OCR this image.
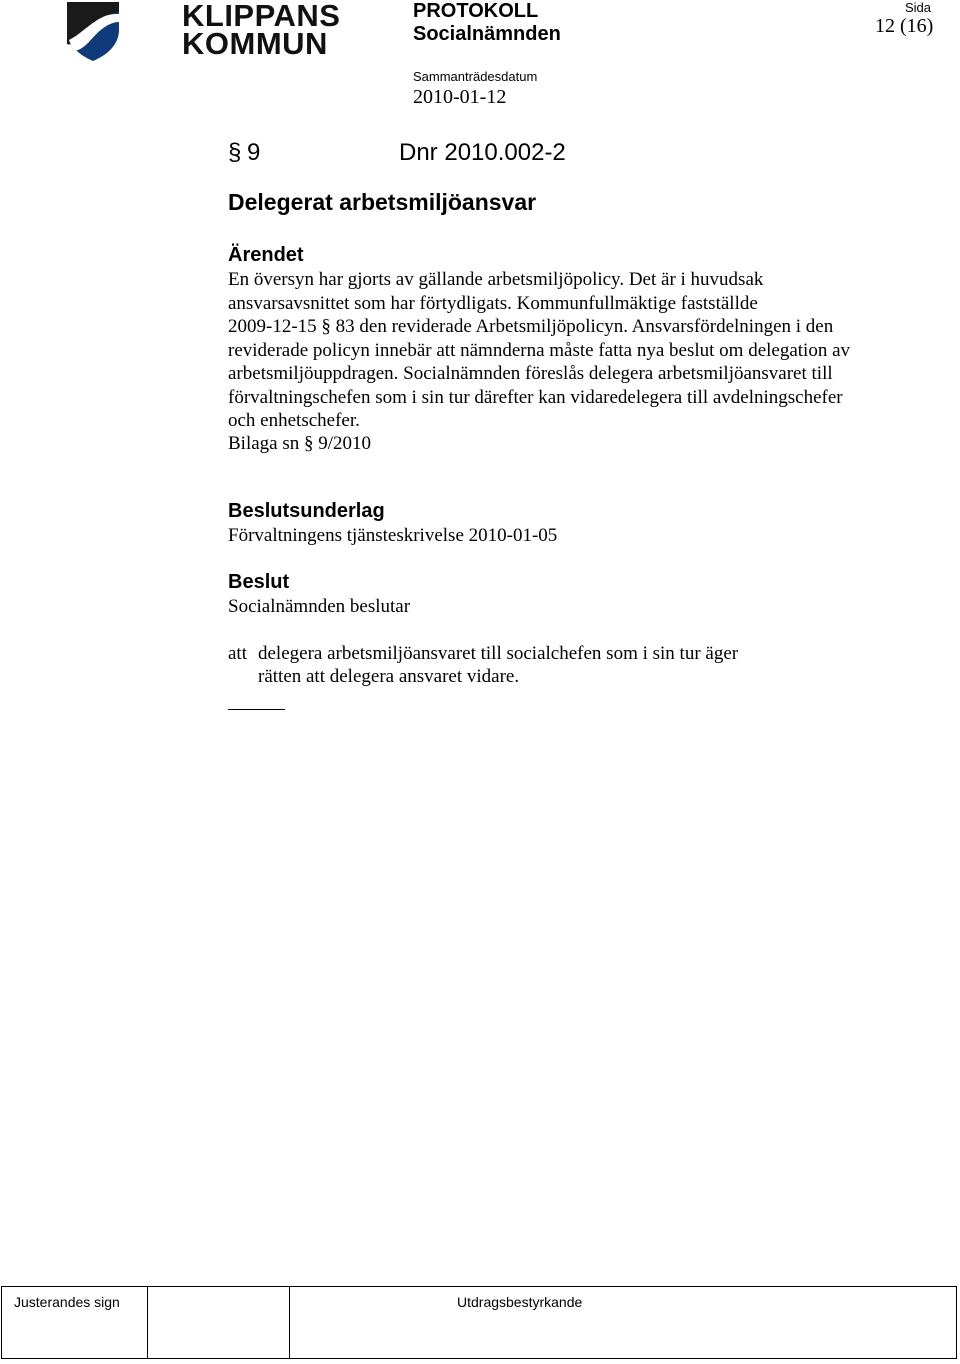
KLIPPANS
KOMMUN
PROTOKOLL
Socialnämnden
Sida
12 (16)
Sammanträdesdatum
2010-01-12
§ 9	Dnr 2010.002-2
Delegerat arbetsmiljöansvar
Ärendet
En översyn har gjorts av gällande arbetsmiljöpolicy. Det är i huvudsak
ansvarsavsnittet som har förtydligats. Kommunfullmäktige fastställde
2009-12-15 § 83 den reviderade Arbetsmiljöpolicyn. Ansvarsfördelningen i den
reviderade policyn innebär att nämnderna måste fatta nya beslut om delegation av
arbetsmiljöuppdragen. Socialnämnden föreslås delegera arbetsmiljöansvaret till
förvaltningschefen som i sin tur därefter kan vidaredelegera till avdelningschefer
och enhetschefer.
Bilaga sn § 9/2010
Beslutsunderlag
Förvaltningens tjänsteskrivelse 2010-01-05
Beslut
Socialnämnden beslutar
att delegera arbetsmiljöansvaret till socialchefen som i sin tur äger
rätten att delegera ansvaret vidare.
Justerandes sign	Utdragsbestyrkande
